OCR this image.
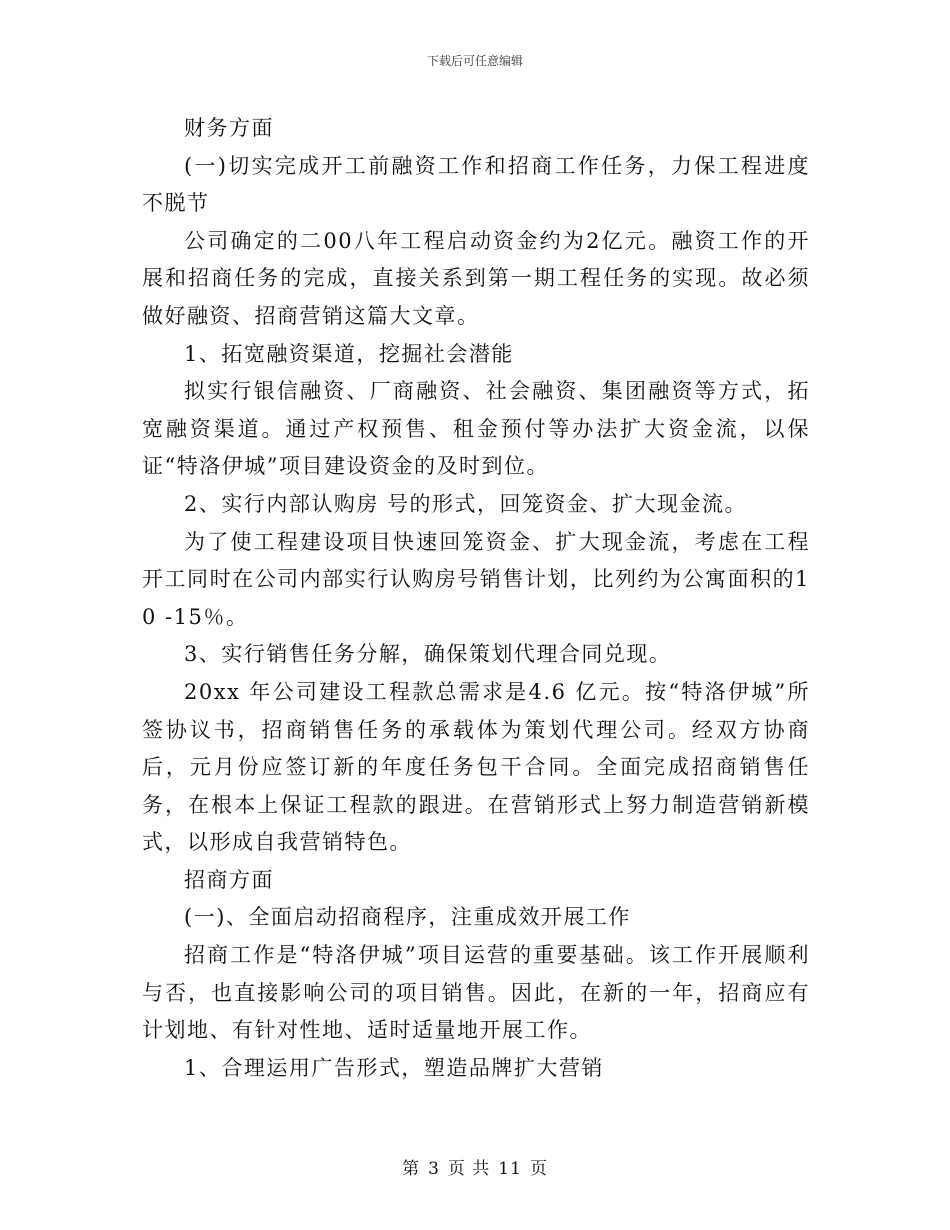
下载后可任意编辑

财务方面

(一)切实完成开工前融资工作和招商工作任务，力保工程进度不脱节

公司确定的二00八年工程启动资金约为2亿元。融资工作的开展和招商任务的完成，直接关系到第一期工程任务的实现。故必须做好融资、招商营销这篇大文章。

1、拓宽融资渠道，挖掘社会潜能

拟实行银信融资、厂商融资、社会融资、集团融资等方式，拓宽融资渠道。通过产权预售、租金预付等办法扩大资金流，以保证“特洛伊城”项目建设资金的及时到位。

2、实行内部认购房 号的形式，回笼资金、扩大现金流。

为了使工程建设项目快速回笼资金、扩大现金流，考虑在工程开工同时在公司内部实行认购房号销售计划，比列约为公寓面积的10 -15％。

3、实行销售任务分解，确保策划代理合同兑现。

20xx 年公司建设工程款总需求是4.6 亿元。按“特洛伊城”所签协议书，招商销售任务的承载体为策划代理公司。经双方协商后，元月份应签订新的年度任务包干合同。全面完成招商销售任务，在根本上保证工程款的跟进。在营销形式上努力制造营销新模式，以形成自我营销特色。

招商方面

(一)、全面启动招商程序，注重成效开展工作

招商工作是“特洛伊城”项目运营的重要基础。该工作开展顺利与否，也直接影响公司的项目销售。因此，在新的一年，招商应有计划地、有针对性地、适时适量地开展工作。

1、合理运用广告形式，塑造品牌扩大营销

第 3 页 共 11 页
